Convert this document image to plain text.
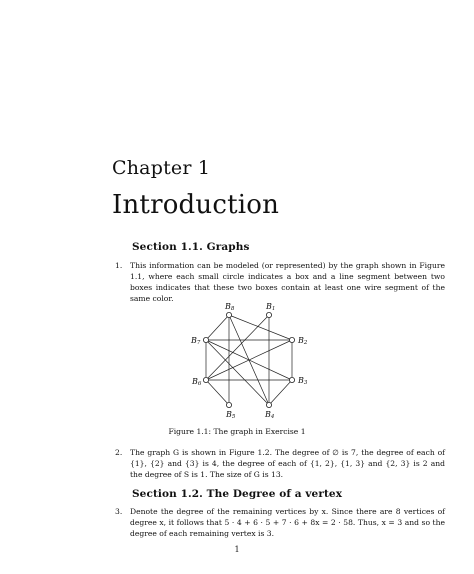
Chapter 1
Introduction
Section 1.1. Graphs
1. This information can be modeled (or represented) by the graph shown in Figure 1.1, where each small circle indicates a box and a line segment between two boxes indicates that these two boxes contain at least one wire segment of the same color.
$B_8$	$B_1$
$B_2$
$B_3$
$B_4$
$B_5$
$B_6$
$B_7$
Figure 1.1: The graph in Exercise 1
2. The graph G is shown in Figure 1.2. The degree of ∅ is 7, the degree of each of {1}, {2} and {3} is 4, the degree of each of {1, 2}, {1, 3} and {2, 3} is 2 and the degree of S is 1. The size of G is 13.
Section 1.2. The Degree of a vertex
3. Denote the degree of the remaining vertices by x. Since there are 8 vertices of degree x, it follows that 5 · 4 + 6 · 5 + 7 · 6 + 8x = 2 · 58. Thus, x = 3 and so the degree of each remaining vertex is 3.
1
